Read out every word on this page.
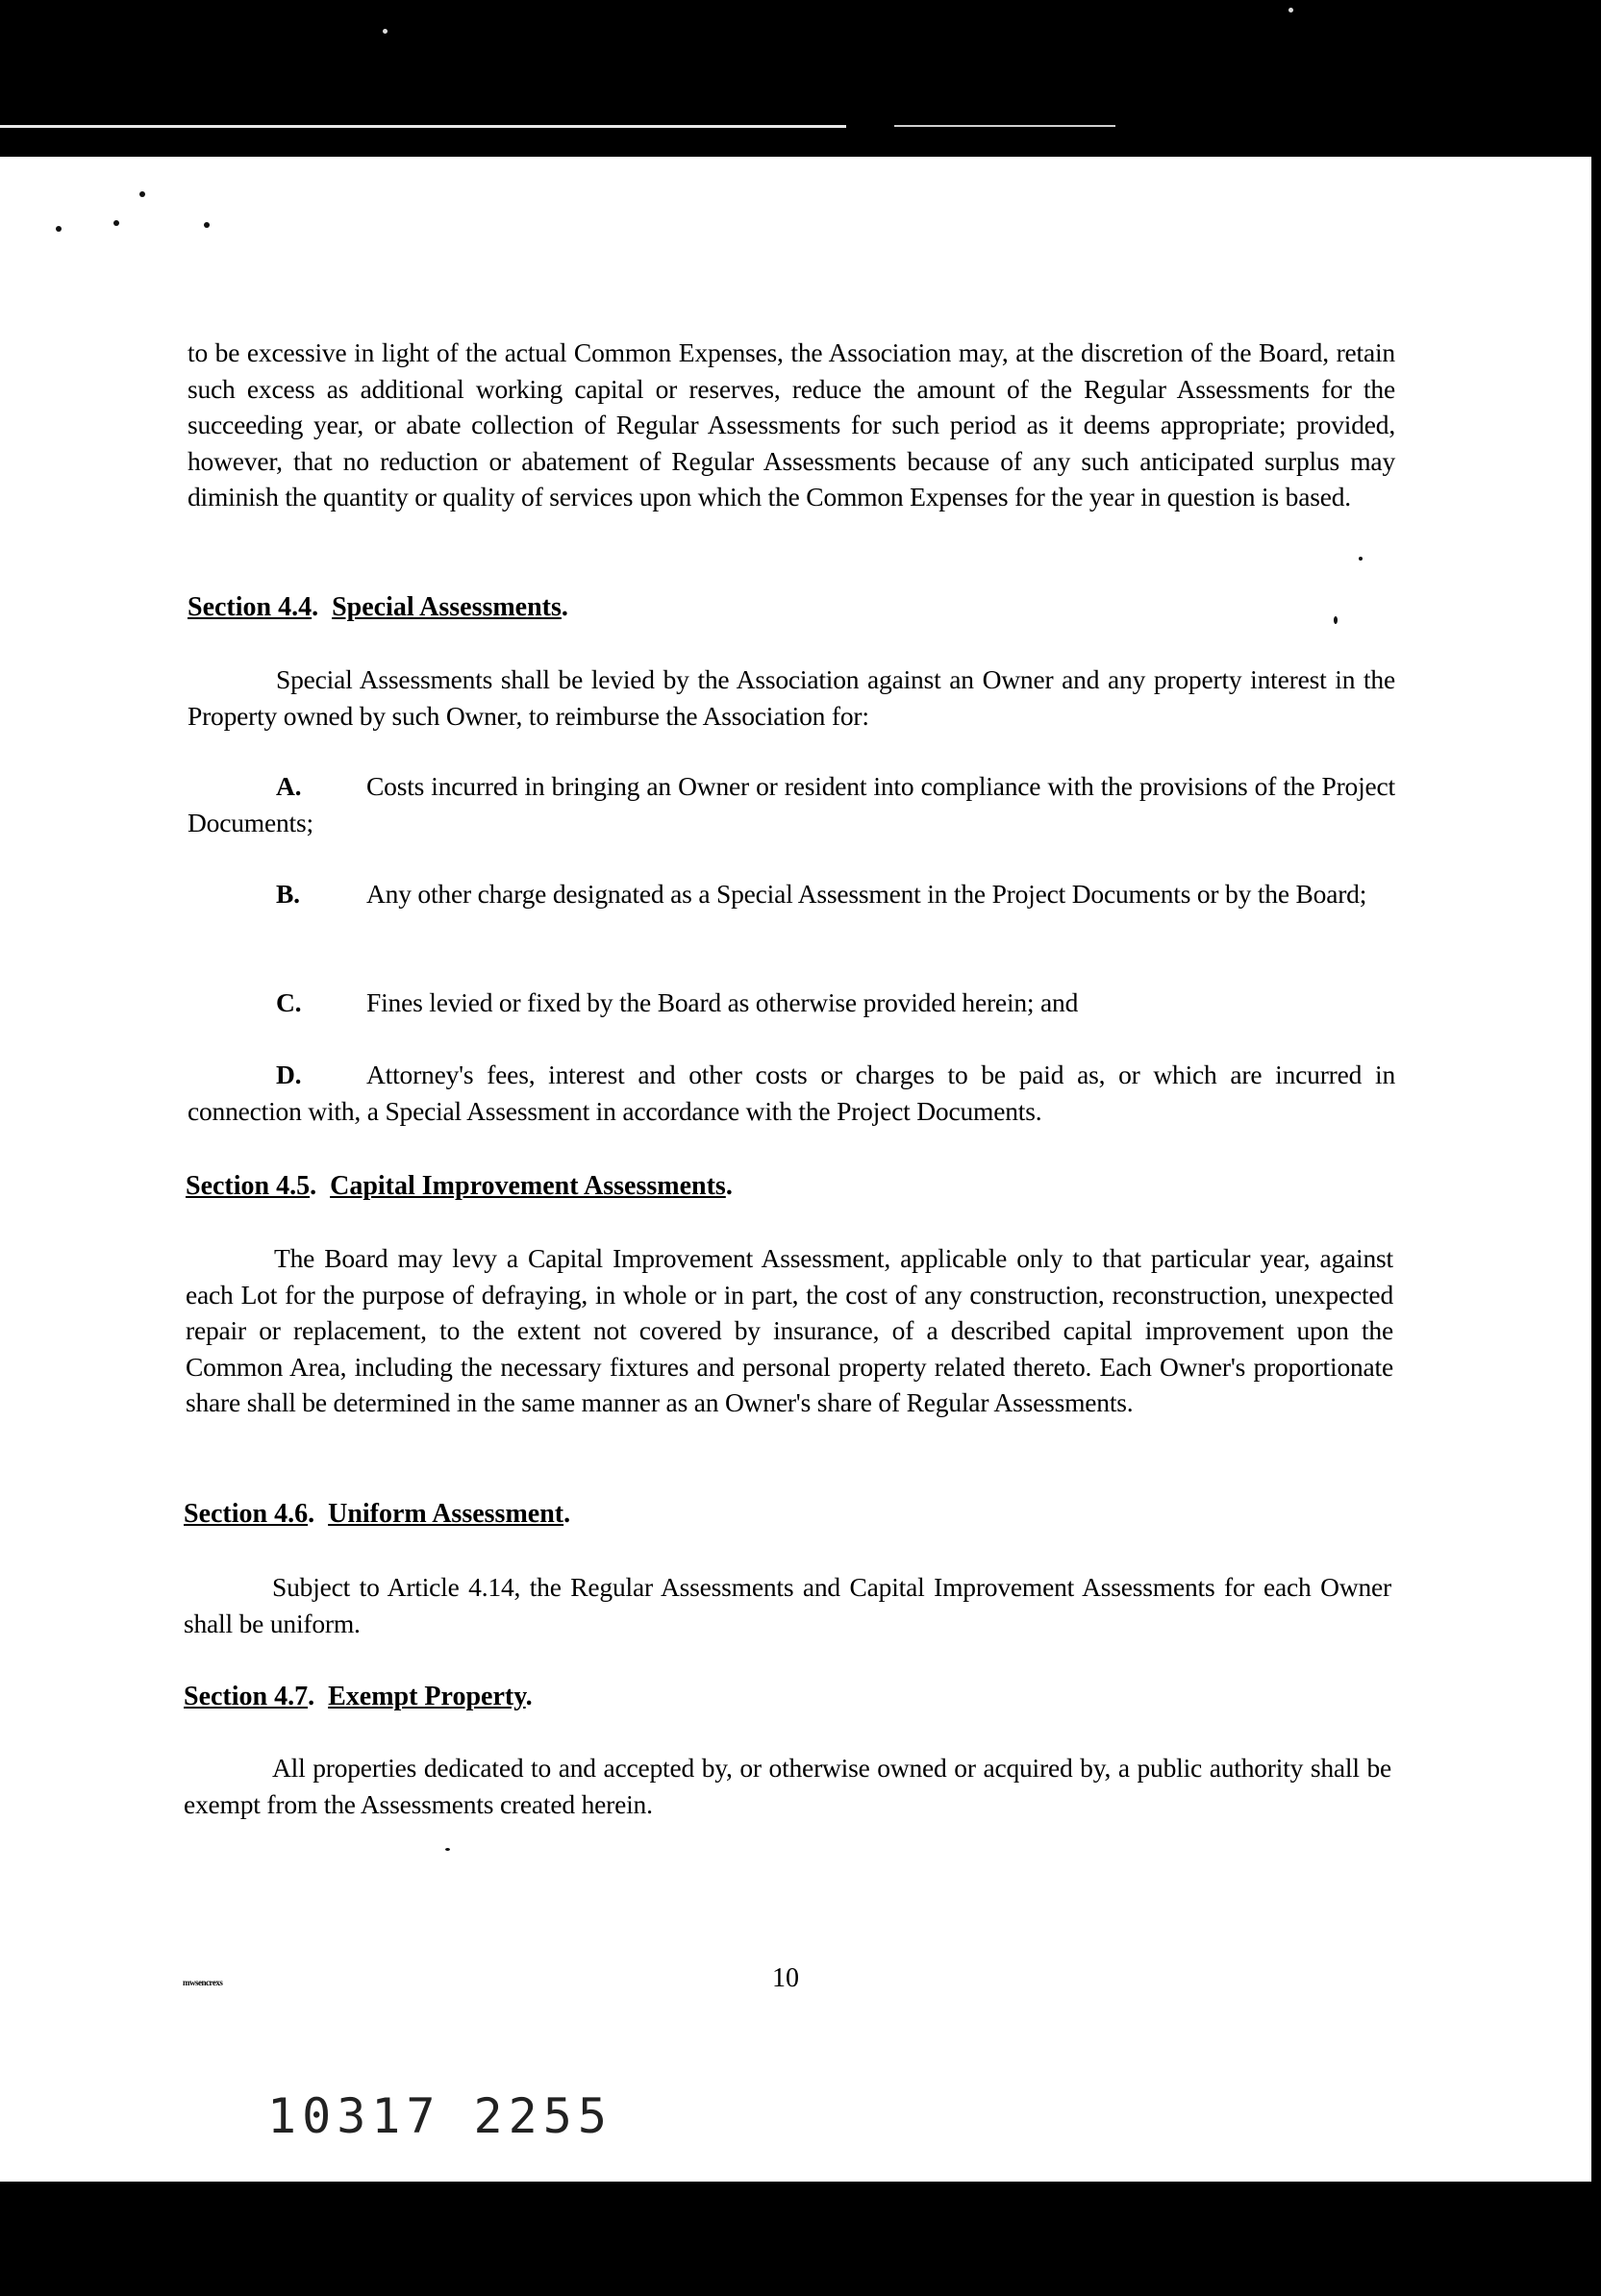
to be excessive in light of the actual Common Expenses, the Association may, at the discretion of the Board, retain such excess as additional working capital or reserves, reduce the amount of the Regular Assessments for the succeeding year, or abate collection of Regular Assessments for such period as it deems appropriate; provided, however, that no reduction or abatement of Regular Assessments because of any such anticipated surplus may diminish the quantity or quality of services upon which the Common Expenses for the year in question is based.

Section 4.4. Special Assessments.

Special Assessments shall be levied by the Association against an Owner and any property interest in the Property owned by such Owner, to reimburse the Association for:

A. Costs incurred in bringing an Owner or resident into compliance with the provisions of the Project Documents;

B.	Any other charge designated as a Special Assessment in the Project Documents or by the Board;

C. Fines levied or fixed by the Board as otherwise provided herein; and

D. Attorney's fees, interest and other costs or charges to be paid as, or which are incurred in connection with, a Special Assessment in accordance with the Project Documents.

Section 4.5. Capital Improvement Assessments.

The Board may levy a Capital Improvement Assessment, applicable only to that particular year, against each Lot for the purpose of defraying, in whole or in part, the cost of any construction, reconstruction, unexpected repair or replacement, to the extent not covered by insurance, of a described capital improvement upon the Common Area, including the necessary fixtures and personal property related thereto. Each Owner's proportionate share shall be determined in the same manner as an Owner's share of Regular Assessments.

Section 4.6. Uniform Assessment.

Subject to Article 4.14, the Regular Assessments and Capital Improvement Assessments for each Owner shall be uniform.

Section 4.7. Exempt Property.

All properties dedicated to and accepted by, or otherwise owned or acquired by, a public authority shall be exempt from the Assessments created herein.

mwsencrexs	10
10317 2255
